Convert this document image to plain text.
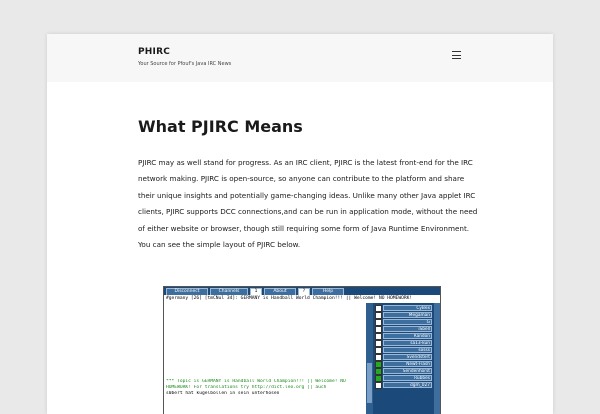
PHIRC
Your Source for Pfouf's Java IRC News
What PJIRC Means

PJIRC may as well stand for progress. As an IRC client, PJIRC is the latest front-end for the IRC network making. PJIRC is open-source, so anyone can contribute to the platform and share their unique insights and potentially game-changing ideas. Unlike many other Java applet IRC clients, PJIRC supports DCC connections,and can be run in application mode, without the need of either website or browser, though still requiring some form of Java Runtime Environment. You can see the simple layout of PJIRC below.

Disconnect	Channels	1	About	?	Help
#germany [26] [tmCNul 34]: GERMANY is Handball World Champion!!! || Welcome! NO HOMEWORK!
*** Topic is GERMANY is Handball World Champion!!! || Welcome! NO
HOMEWORK! For translations try http://dict.leo.org || auch
s0bert hat kugelbollen in sein unterhosen
CyBex
Megaman
G
iSbell
Randon
sa13-kun
sosss
Svendstert
Newt-Flash
Sendenhorst
Rubbes
dgm_027
